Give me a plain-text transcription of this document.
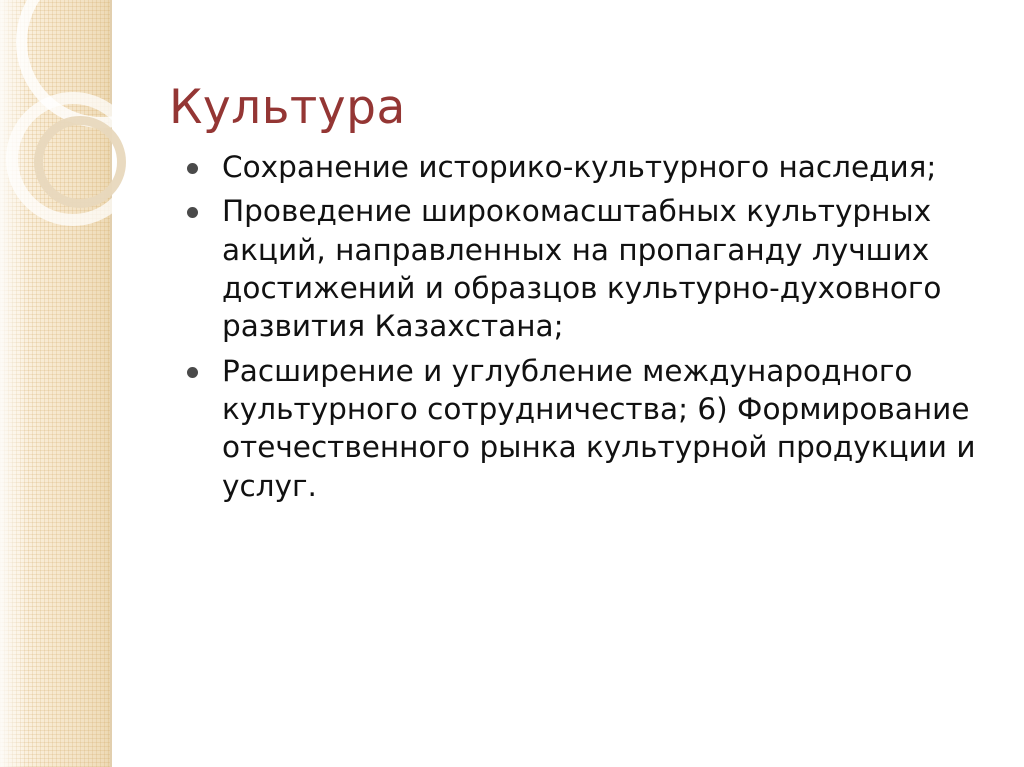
Культура
Сохранение историко-культурного наследия;
Проведение широкомасштабных культурных акций, направленных на пропаганду лучших достижений и образцов культурно-духовного развития Казахстана;
Расширение и углубление международного культурного сотрудничества; 6) Формирование отечественного рынка культурной продукции и услуг.
